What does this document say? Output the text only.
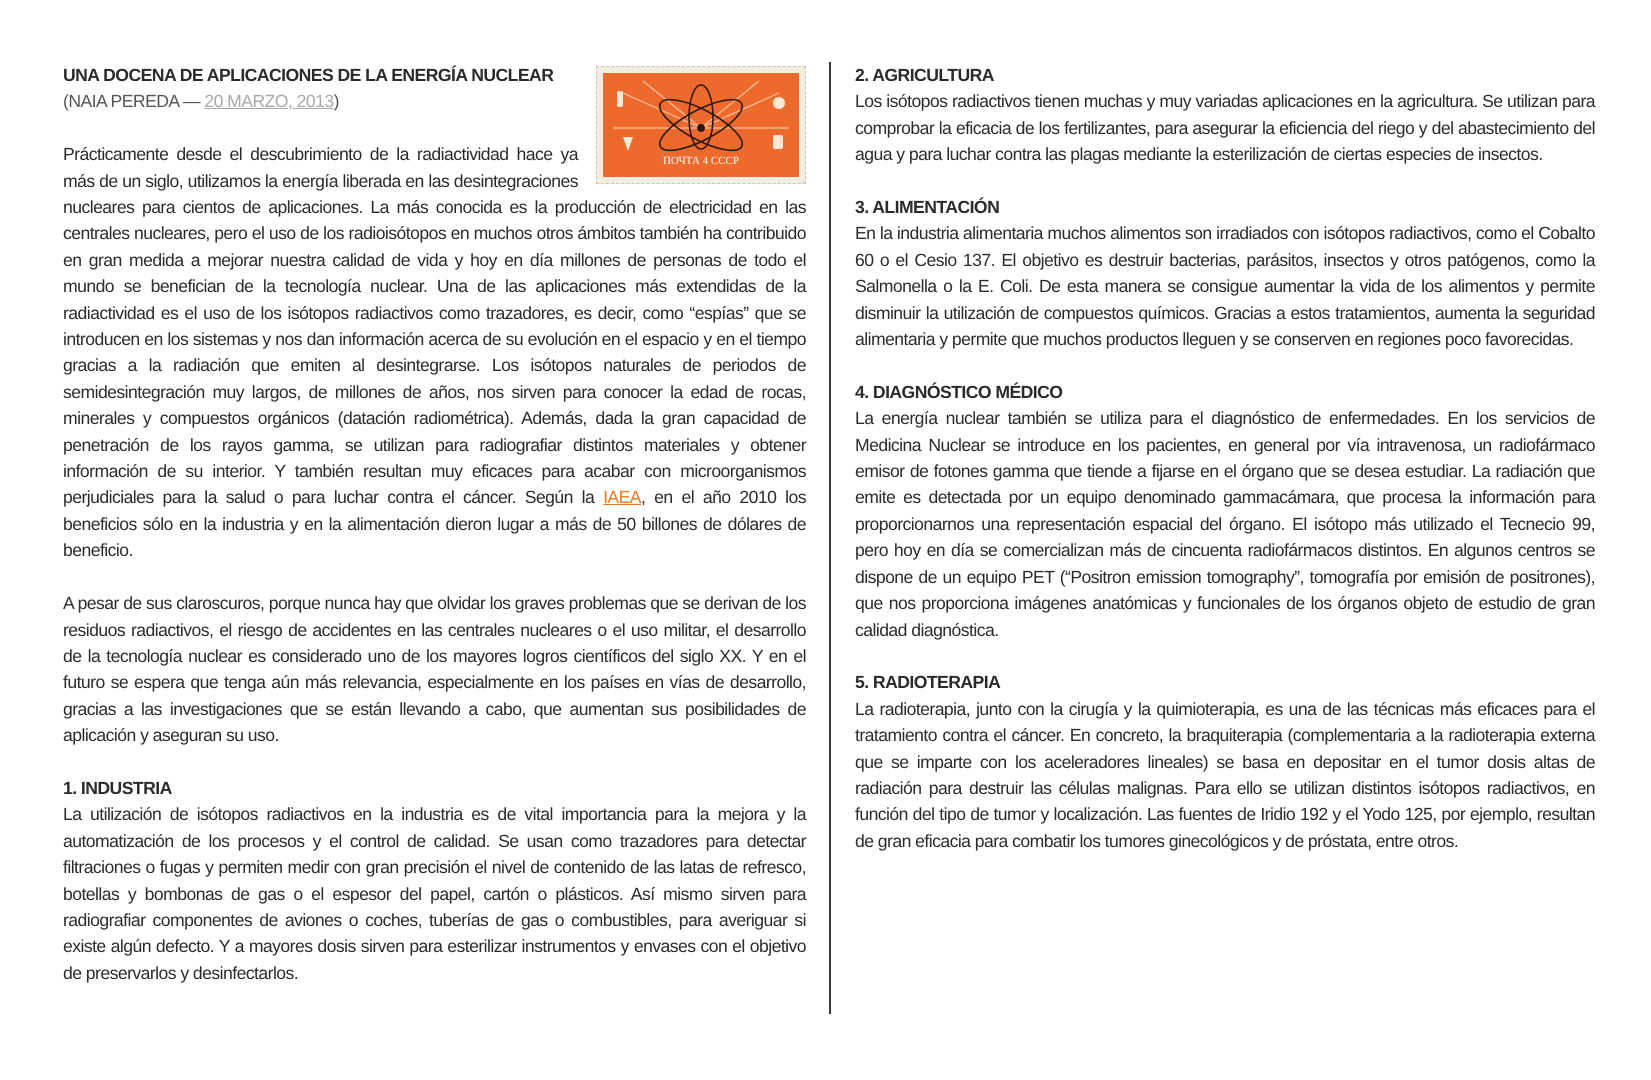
ПОЧТА 4 СССР

UNA DOCENA DE APLICACIONES DE LA ENERGÍA NUCLEAR

(NAIA PEREDA — 20 MARZO, 2013)

Prácticamente desde el descubrimiento de la radiactividad hace ya más de un siglo, utilizamos la energía liberada en las desintegraciones nucleares para cientos de aplicaciones. La más conocida es la producción de electricidad en las centrales nucleares, pero el uso de los radioisótopos en muchos otros ámbitos también ha contribuido en gran medida a mejorar nuestra calidad de vida y hoy en día millones de personas de todo el mundo se benefician de la tecnología nuclear. Una de las aplicaciones más extendidas de la radiactividad es el uso de los isótopos radiactivos como trazadores, es decir, como “espías” que se introducen en los sistemas y nos dan información acerca de su evolución en el espacio y en el tiempo gracias a la radiación que emiten al desintegrarse. Los isótopos naturales de periodos de semidesintegración muy largos, de millones de años, nos sirven para conocer la edad de rocas, minerales y compuestos orgánicos (datación radiométrica). Además, dada la gran capacidad de penetración de los rayos gamma, se utilizan para radiografiar distintos materiales y obtener información de su interior. Y también resultan muy eficaces para acabar con microorganismos perjudiciales para la salud o para luchar contra el cáncer. Según la IAEA, en el año 2010 los beneficios sólo en la industria y en la alimentación dieron lugar a más de 50 billones de dólares de beneficio.

A pesar de sus claroscuros, porque nunca hay que olvidar los graves problemas que se derivan de los residuos radiactivos, el riesgo de accidentes en las centrales nucleares o el uso militar, el desarrollo de la tecnología nuclear es considerado uno de los mayores logros científicos del siglo XX. Y en el futuro se espera que tenga aún más relevancia, especialmente en los países en vías de desarrollo, gracias a las investigaciones que se están llevando a cabo, que aumentan sus posibilidades de aplicación y aseguran su uso.

1. INDUSTRIA

La utilización de isótopos radiactivos en la industria es de vital importancia para la mejora y la automatización de los procesos y el control de calidad. Se usan como trazadores para detectar filtraciones o fugas y permiten medir con gran precisión el nivel de contenido de las latas de refresco, botellas y bombonas de gas o el espesor del papel, cartón o plásticos. Así mismo sirven para radiografiar componentes de aviones o coches, tuberías de gas o combustibles, para averiguar si existe algún defecto. Y a mayores dosis sirven para esterilizar instrumentos y envases con el objetivo de preservarlos y desinfectarlos.

2. AGRICULTURA

Los isótopos radiactivos tienen muchas y muy variadas aplicaciones en la agricultura. Se utilizan para comprobar la eficacia de los fertilizantes, para asegurar la eficiencia del riego y del abastecimiento del agua y para luchar contra las plagas mediante la esterilización de ciertas especies de insectos.

3. ALIMENTACIÓN

En la industria alimentaria muchos alimentos son irradiados con isótopos radiactivos, como el Cobalto 60 o el Cesio 137. El objetivo es destruir bacterias, parásitos, insectos y otros patógenos, como la Salmonella o la E. Coli. De esta manera se consigue aumentar la vida de los alimentos y permite disminuir la utilización de compuestos químicos. Gracias a estos tratamientos, aumenta la seguridad alimentaria y permite que muchos productos lleguen y se conserven en regiones poco favorecidas.

4. DIAGNÓSTICO MÉDICO

La energía nuclear también se utiliza para el diagnóstico de enfermedades. En los servicios de Medicina Nuclear se introduce en los pacientes, en general por vía intravenosa, un radiofármaco emisor de fotones gamma que tiende a fijarse en el órgano que se desea estudiar. La radiación que emite es detectada por un equipo denominado gammacámara, que procesa la información para proporcionarnos una representación espacial del órgano. El isótopo más utilizado el Tecnecio 99, pero hoy en día se comercializan más de cincuenta radiofármacos distintos. En algunos centros se dispone de un equipo PET (“Positron emission tomography”, tomografía por emisión de positrones), que nos proporciona imágenes anatómicas y funcionales de los órganos objeto de estudio de gran calidad diagnóstica.

5. RADIOTERAPIA

La radioterapia, junto con la cirugía y la quimioterapia, es una de las técnicas más eficaces para el tratamiento contra el cáncer. En concreto, la braquiterapia (complementaria a la radioterapia externa que se imparte con los aceleradores lineales) se basa en depositar en el tumor dosis altas de radiación para destruir las células malignas. Para ello se utilizan distintos isótopos radiactivos, en función del tipo de tumor y localización. Las fuentes de Iridio 192 y el Yodo 125, por ejemplo, resultan de gran eficacia para combatir los tumores ginecológicos y de próstata, entre otros.
